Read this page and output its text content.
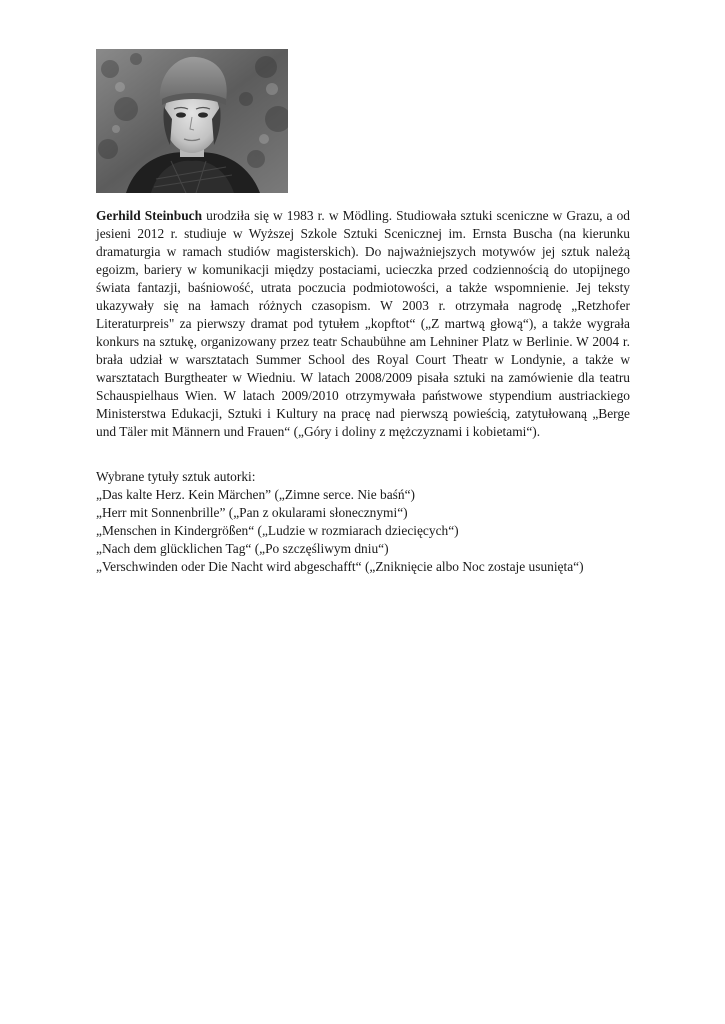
Gerhild Steinbuch urodziła się w 1983 r. w Mödling. Studiowała sztuki sceniczne w Grazu, a od jesieni 2012 r. studiuje w Wyższej Szkole Sztuki Scenicznej im. Ernsta Buscha (na kierunku dramaturgia w ramach studiów magisterskich). Do najważniejszych motywów jej sztuk należą egoizm, bariery w komunikacji między postaciami, ucieczka przed codziennością do utopijnego świata fantazji, baśniowość, utrata poczucia podmiotowości, a także wspomnienie. Jej teksty ukazywały się na łamach różnych czasopism. W 2003 r. otrzymała nagrodę „Retzhofer Literaturpreis" za pierwszy dramat pod tytułem „kopftot“ („Z martwą głową“), a także wygrała konkurs na sztukę, organizowany przez teatr Schaubühne am Lehniner Platz w Berlinie. W 2004 r. brała udział w warsztatach Summer School des Royal Court Theatr w Londynie, a także w warsztatach Burgtheater w Wiedniu. W latach 2008/2009 pisała sztuki na zamówienie dla teatru Schauspielhaus Wien. W latach 2009/2010 otrzymywała państwowe stypendium austriackiego Ministerstwa Edukacji, Sztuki i Kultury na pracę nad pierwszą powieścią, zatytułowaną „Berge und Täler mit Männern und Frauen“ („Góry i doliny z mężczyznami i kobietami“).

Wybrane tytuły sztuk autorki:
„Das kalte Herz. Kein Märchen” („Zimne serce. Nie baśń“)
„Herr mit Sonnenbrille” („Pan z okularami słonecznymi“)
„Menschen in Kindergrößen“ („Ludzie w rozmiarach dziecięcych“)
„Nach dem glücklichen Tag“ („Po szczęśliwym dniu“)
„Verschwinden oder Die Nacht wird abgeschafft“ („Zniknięcie albo Noc zostaje usunięta“)
